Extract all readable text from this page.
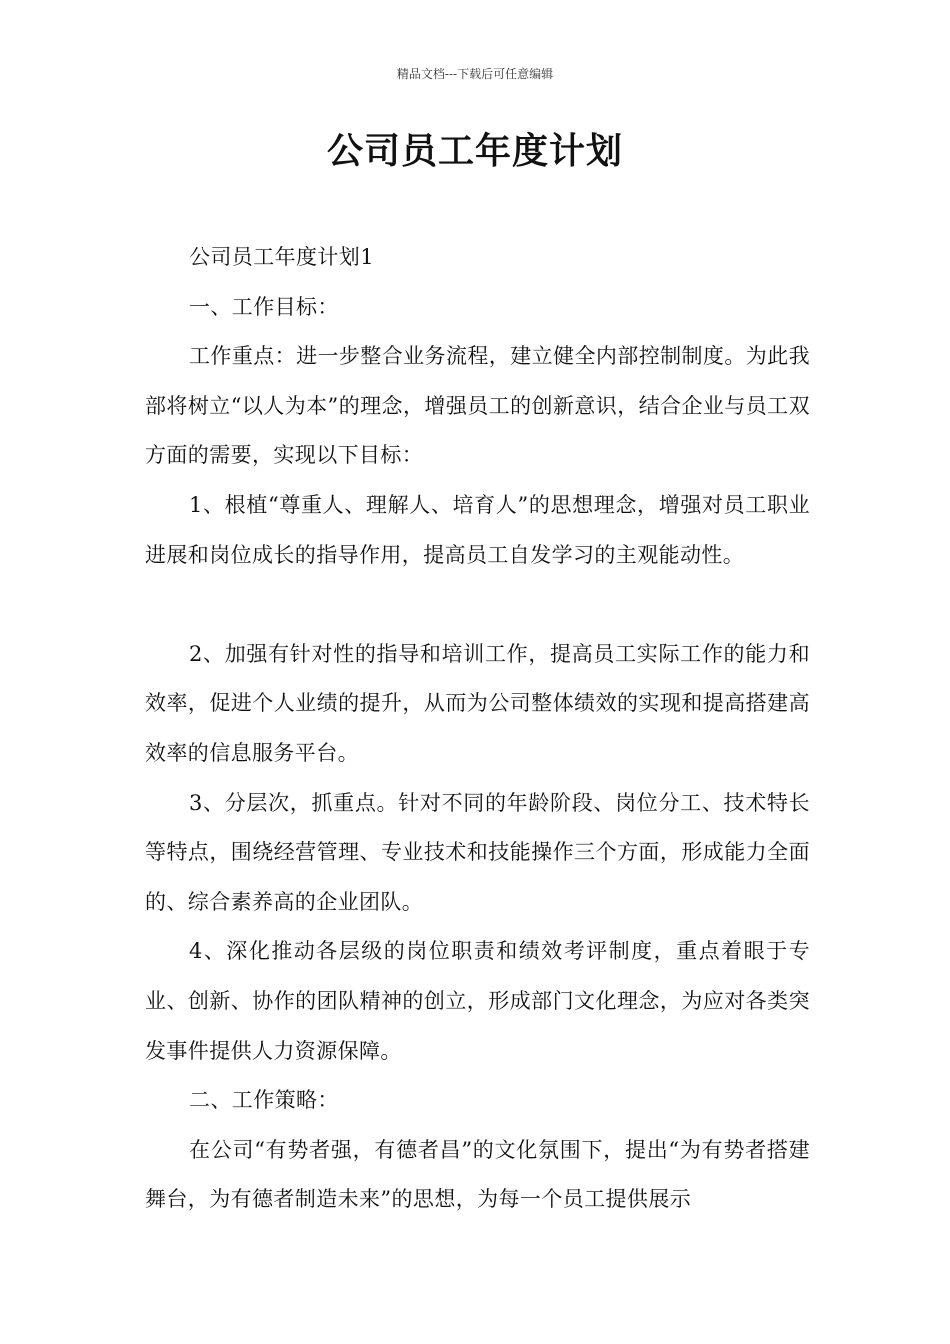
精品文档---下载后可任意编辑
公司员工年度计划

公司员工年度计划1

一、工作目标：

工作重点：进一步整合业务流程，建立健全内部控制制度。为此我部将树立“以人为本”的理念，增强员工的创新意识，结合企业与员工双方面的需要，实现以下目标：

1、根植“尊重人、理解人、培育人”的思想理念，增强对员工职业进展和岗位成长的指导作用，提高员工自发学习的主观能动性。

2、加强有针对性的指导和培训工作，提高员工实际工作的能力和效率，促进个人业绩的提升，从而为公司整体绩效的实现和提高搭建高效率的信息服务平台。

3、分层次，抓重点。针对不同的年龄阶段、岗位分工、技术特长等特点，围绕经营管理、专业技术和技能操作三个方面，形成能力全面的、综合素养高的企业团队。

4、深化推动各层级的岗位职责和绩效考评制度，重点着眼于专业、创新、协作的团队精神的创立，形成部门文化理念，为应对各类突发事件提供人力资源保障。

二、工作策略：

在公司“有势者强，有德者昌”的文化氛围下，提出“为有势者搭建舞台，为有德者制造未来”的思想，为每一个员工提供展示
